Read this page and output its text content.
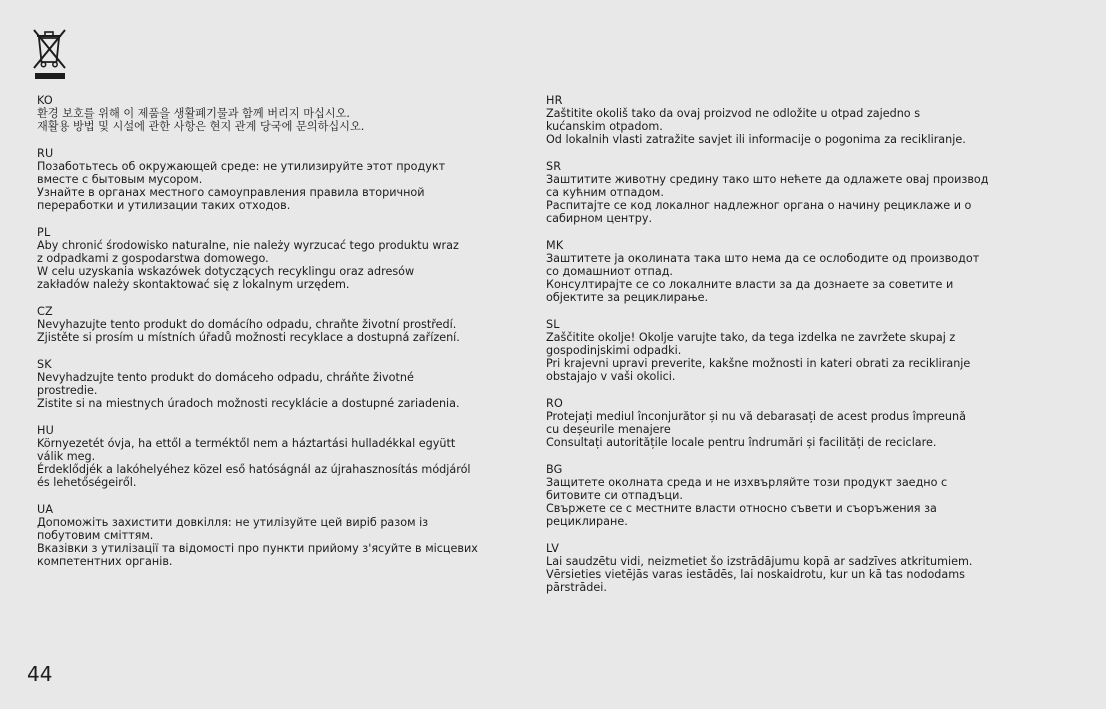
KO
환경 보호를 위해 이 제품을 생활폐기물과 함께 버리지 마십시오.
재활용 방법 및 시설에 관한 사항은 현지 관계 당국에 문의하십시오.
RU
Позаботьтесь об окружающей среде: не утилизируйте этот продукт
вместе с бытовым мусором.
Узнайте в органах местного самоуправления правила вторичной
переработки и утилизации таких отходов.
PL
Aby chronić środowisko naturalne, nie należy wyrzucać tego produktu wraz
z odpadkami z gospodarstwa domowego.
W celu uzyskania wskazówek dotyczących recyklingu oraz adresów
zakładów należy skontaktować się z lokalnym urzędem.
CZ
Nevyhazujte tento produkt do domácího odpadu, chraňte životní prostředí.
Zjistěte si prosím u místních úřadů možnosti recyklace a dostupná zařízení.
SK
Nevyhadzujte tento produkt do domáceho odpadu, chráňte životné
prostredie.
Zistite si na miestnych úradoch možnosti recyklácie a dostupné zariadenia.
HU
Környezetét óvja, ha ettől a terméktől nem a háztartási hulladékkal együtt
válik meg.
Érdeklődjék a lakóhelyéhez közel eső hatóságnál az újrahasznosítás módjáról
és lehetőségeiről.
UA
Допоможіть захистити довкілля: не утилізуйте цей виріб разом із
побутовим сміттям.
Вказівки з утилізації та відомості про пункти прийому з'ясуйте в місцевих
компетентних органів.
HR
Zaštitite okoliš tako da ovaj proizvod ne odložite u otpad zajedno s
kućanskim otpadom.
Od lokalnih vlasti zatražite savjet ili informacije o pogonima za recikliranje.
SR
Заштитите животну средину тако што нећете да одлажете овај производ
са кућним отпадом.
Распитајте се код локалног надлежног органа о начину рециклаже и о
сабирном центру.
MK
Заштитете ја околината така што нема да се ослободите од производот
со домашниот отпад.
Консултирајте се со локалните власти за да дознаете за советите и
објектите за рециклирање.
SL
Zaščitite okolje! Okolje varujte tako, da tega izdelka ne zavržete skupaj z
gospodinjskimi odpadki.
Pri krajevni upravi preverite, kakšne možnosti in kateri obrati za recikliranje
obstajajo v vaši okolici.
RO
Protejați mediul înconjurător și nu vă debarasați de acest produs împreună
cu deșeurile menajere
Consultați autoritățile locale pentru îndrumări și facilități de reciclare.
BG
Защитете околната среда и не изхвърляйте този продукт заедно с
битовите си отпадъци.
Свържете се с местните власти относно съвети и съоръжения за
рециклиране.
LV
Lai saudzētu vidi, neizmetiet šo izstrādājumu kopā ar sadzīves atkritumiem.
Vērsieties vietējās varas iestādēs, lai noskaidrotu, kur un kā tas nododams
pārstrādei.
44
